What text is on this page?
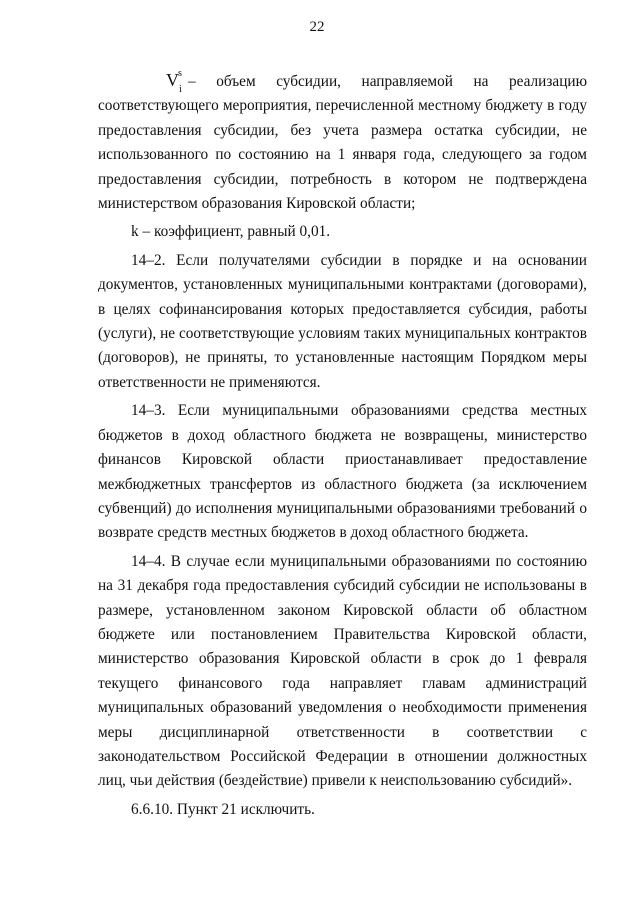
22

V s
i – объем субсидии, направляемой на реализацию соответствующего мероприятия, перечисленной местному бюджету в году предоставления субсидии, без учета размера остатка субсидии, не использованного по состоянию на 1 января года, следующего за годом предоставления субсидии, потребность в котором не подтверждена министерством образования Кировской области;

k – коэффициент, равный 0,01.

14–2. Если получателями субсидии в порядке и на основании документов, установленных муниципальными контрактами (договорами), в целях софинансирования которых предоставляется субсидия, работы (услуги), не соответствующие условиям таких муниципальных контрактов (договоров), не приняты, то установленные настоящим Порядком меры ответственности не применяются.

14–3. Если муниципальными образованиями средства местных бюджетов в доход областного бюджета не возвращены, министерство финансов Кировской области приостанавливает предоставление межбюджетных трансфертов из областного бюджета (за исключением субвенций) до исполнения муниципальными образованиями требований о возврате средств местных бюджетов в доход областного бюджета.

14–4. В случае если муниципальными образованиями по состоянию на 31 декабря года предоставления субсидий субсидии не использованы в размере, установленном законом Кировской области об областном бюджете или постановлением Правительства Кировской области, министерство образования Кировской области в срок до 1 февраля текущего финансового года направляет главам администраций муниципальных образований уведомления о необходимости применения меры дисциплинарной ответственности в соответствии с законодательством Российской Федерации в отношении должностных лиц, чьи действия (бездействие) привели к неиспользованию субсидий».

6.6.10. Пункт 21 исключить.
